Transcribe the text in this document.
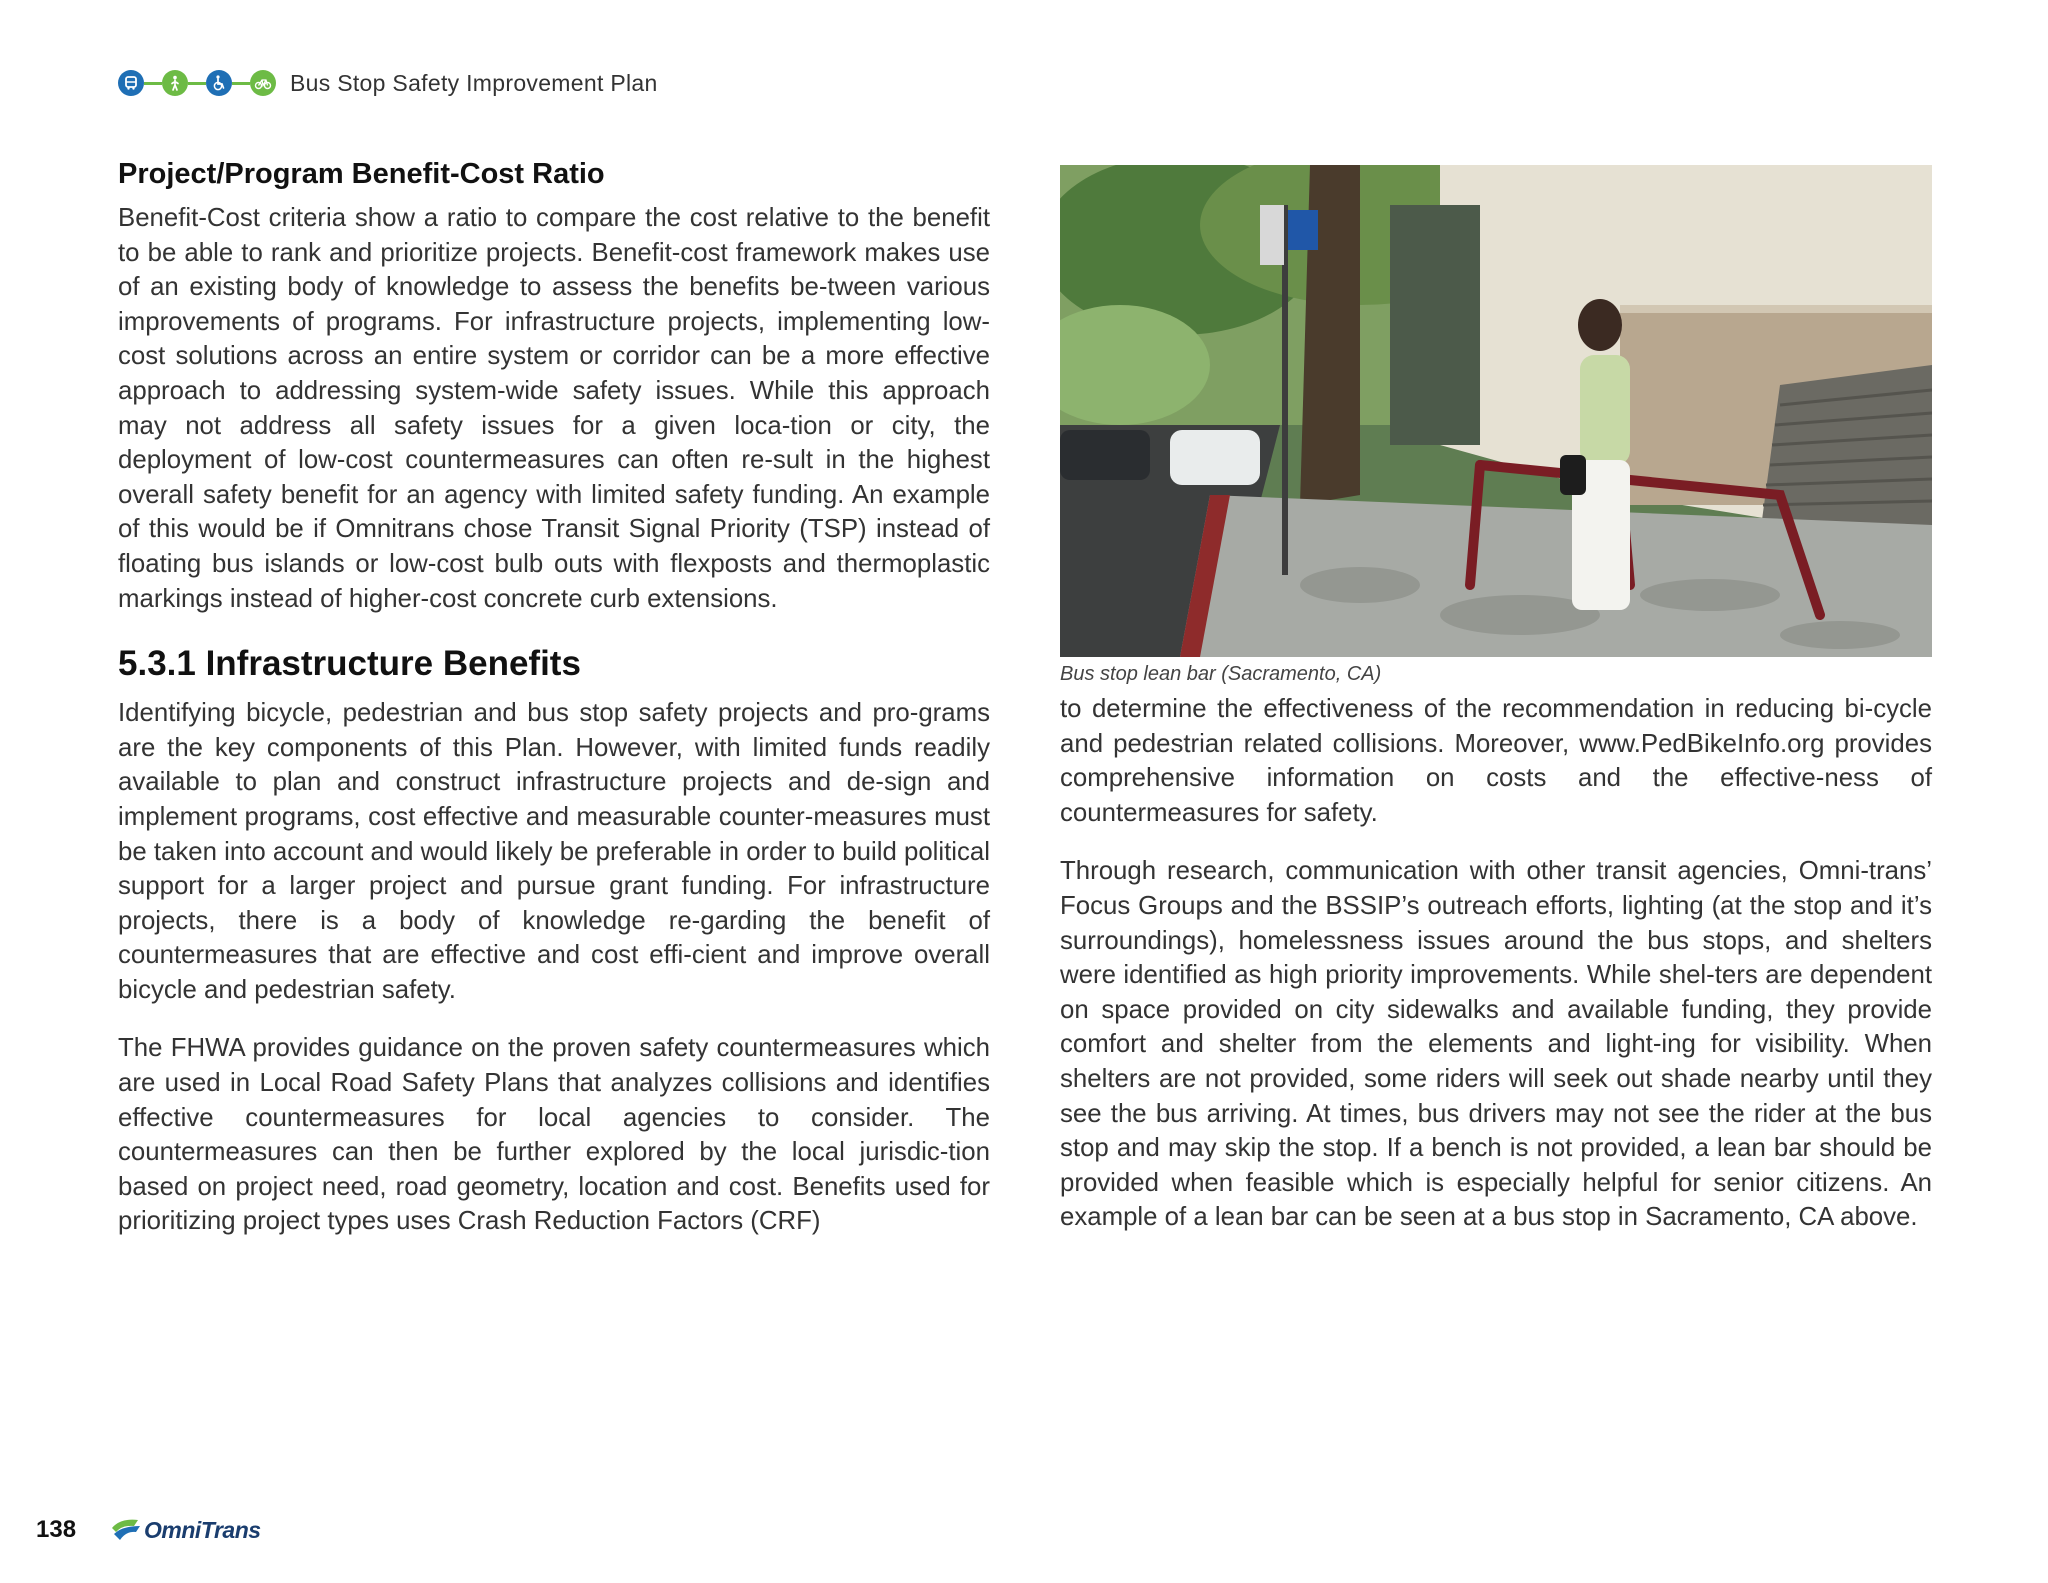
Bus Stop Safety Improvement Plan
Project/Program Benefit-Cost Ratio

Benefit-Cost criteria show a ratio to compare the cost relative to the benefit to be able to rank and prioritize projects. Benefit-cost framework makes use of an existing body of knowledge to assess the benefits be-tween various improvements of programs. For infrastructure projects, implementing low-cost solutions across an entire system or corridor can be a more effective approach to addressing system-wide safety issues. While this approach may not address all safety issues for a given loca-tion or city, the deployment of low-cost countermeasures can often re-sult in the highest overall safety benefit for an agency with limited safety funding. An example of this would be if Omnitrans chose Transit Signal Priority (TSP) instead of floating bus islands or low-cost bulb outs with flexposts and thermoplastic markings instead of higher-cost concrete curb extensions.

5.3.1 Infrastructure Benefits

Identifying bicycle, pedestrian and bus stop safety projects and pro-grams are the key components of this Plan. However, with limited funds readily available to plan and construct infrastructure projects and de-sign and implement programs, cost effective and measurable counter-measures must be taken into account and would likely be preferable in order to build political support for a larger project and pursue grant funding. For infrastructure projects, there is a body of knowledge re-garding the benefit of countermeasures that are effective and cost effi-cient and improve overall bicycle and pedestrian safety.

The FHWA provides guidance on the proven safety countermeasures which are used in Local Road Safety Plans that analyzes collisions and identifies effective countermeasures for local agencies to consider. The countermeasures can then be further explored by the local jurisdic-tion based on project need, road geometry, location and cost. Benefits used for prioritizing project types uses Crash Reduction Factors (CRF)

Bus stop lean bar (Sacramento, CA)

to determine the effectiveness of the recommendation in reducing bi-cycle and pedestrian related collisions. Moreover, www.PedBikeInfo.org provides comprehensive information on costs and the effective-ness of countermeasures for safety.

Through research, communication with other transit agencies, Omni-trans’ Focus Groups and the BSSIP’s outreach efforts, lighting (at the stop and it’s surroundings), homelessness issues around the bus stops, and shelters were identified as high priority improvements. While shel-ters are dependent on space provided on city sidewalks and available funding, they provide comfort and shelter from the elements and light-ing for visibility. When shelters are not provided, some riders will seek out shade nearby until they see the bus arriving. At times, bus drivers may not see the rider at the bus stop and may skip the stop. If a bench is not provided, a lean bar should be provided when feasible which is especially helpful for senior citizens. An example of a lean bar can be seen at a bus stop in Sacramento, CA above.

138	OmniTrans
